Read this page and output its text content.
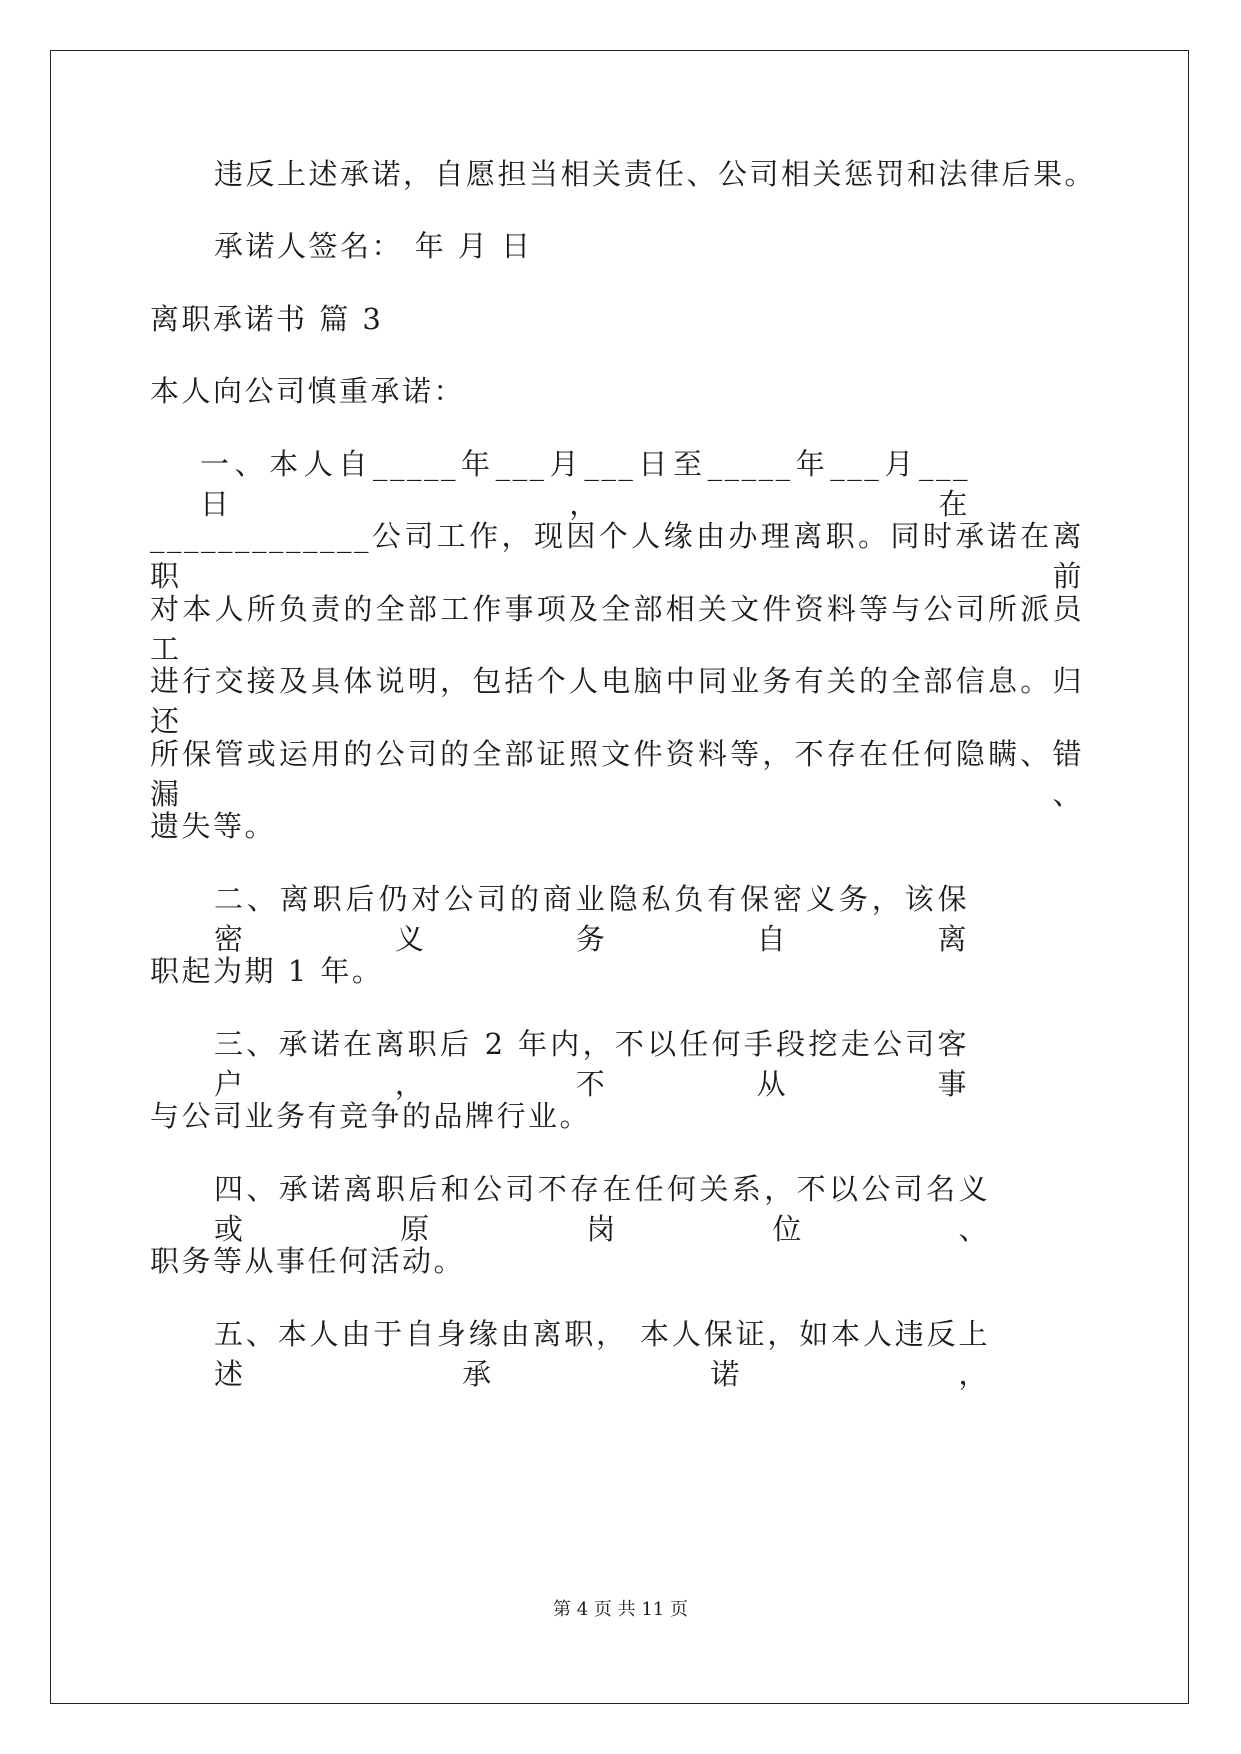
违反上述承诺，自愿担当相关责任、公司相关惩罚和法律后果。
承诺人签名： 年 月 日
离职承诺书 篇 3
本人向公司慎重承诺：
一、本人自_____年___月___日至_____年___月___日，在
_____________公司工作，现因个人缘由办理离职。同时承诺在离职前
对本人所负责的全部工作事项及全部相关文件资料等与公司所派员工
进行交接及具体说明，包括个人电脑中同业务有关的全部信息。归还
所保管或运用的公司的全部证照文件资料等，不存在任何隐瞒、错漏、
遗失等。
二、离职后仍对公司的商业隐私负有保密义务，该保密义务自离
职起为期 1 年。
三、承诺在离职后 2 年内，不以任何手段挖走公司客户，不从事
与公司业务有竞争的品牌行业。
四、承诺离职后和公司不存在任何关系，不以公司名义或原岗位、
职务等从事任何活动。
五、本人由于自身缘由离职， 本人保证，如本人违反上述承诺，
第 4 页 共 11 页
